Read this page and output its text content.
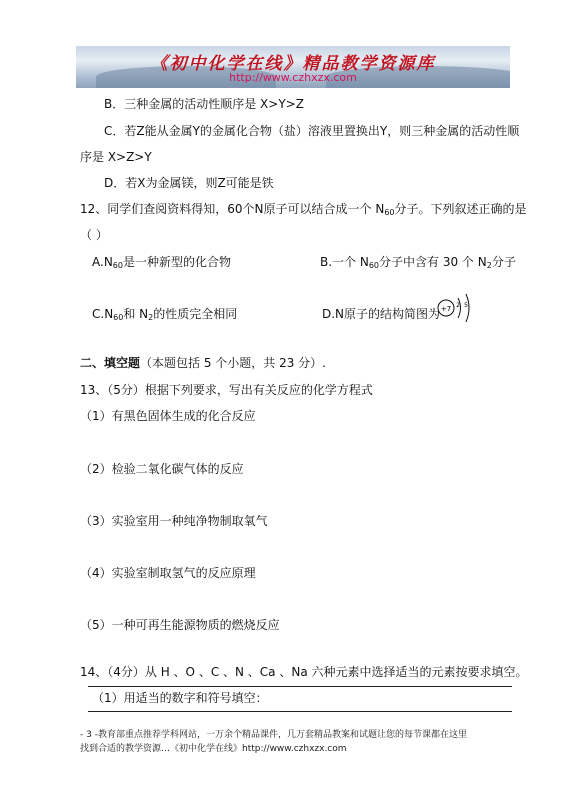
《初中化学在线》精品教学资源库
http://www.czhxzx.com
B．三种金属的活动性顺序是 X>Y>Z
C．若Z能从金属Y的金属化合物（盐）溶液里置换出Y，则三种金属的活动性顺
序是 X>Z>Y
D．若X为金属镁，则Z可能是铁
12、同学们查阅资料得知，60个N原子可以结合成一个 $N_{60}$分子。下列叙述正确的是
（ ）
$A.N_{60}$是一种新型的化合物	B.一个 $N_{60}$分子中含有 30 个 $N_2$分子
$C.N_{60}$和 $N_2$的性质完全相同	D.N原子的结构简图为 +7 2 5
二、填空题（本题包括 5 个小题，共 23 分）.
13、（5分）根据下列要求，写出有关反应的化学方程式
（1）有黑色固体生成的化合反应
（2）检验二氧化碳气体的反应
（3）实验室用一种纯净物制取氧气
（4）实验室制取氢气的反应原理
（5）一种可再生能源物质的燃烧反应
14、（4分）从 H 、O 、C 、N 、Ca 、Na 六种元素中选择适当的元素按要求填空。
（1）用适当的数字和符号填空：
- 3 -教育部重点推荐学科网站，一万余个精品课件，几万套精品教案和试题让您的每节课都在这里
找到合适的教学资源…《初中化学在线》http://www.czhxzx.com
